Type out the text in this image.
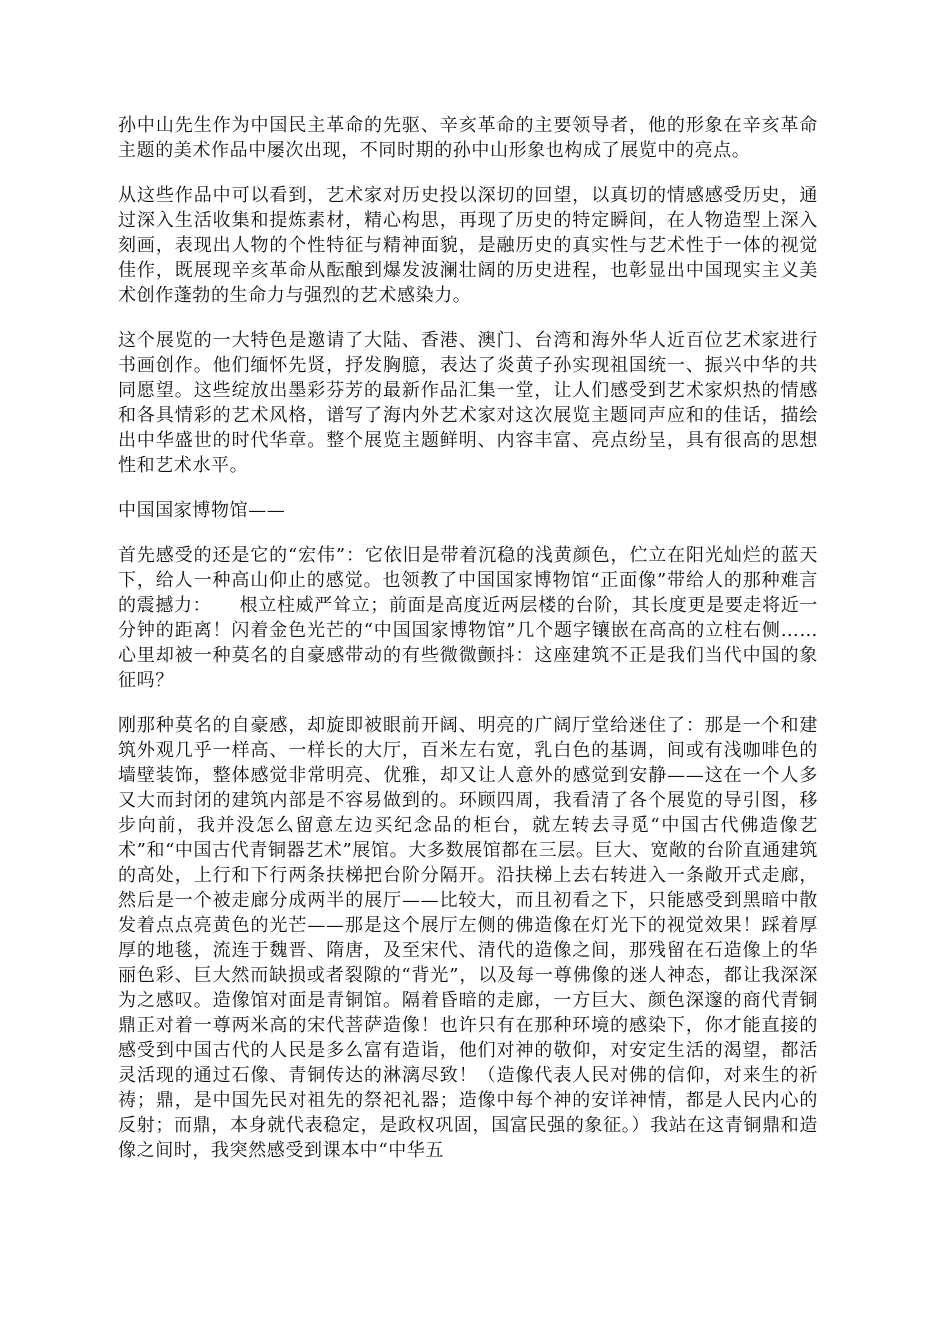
孙中山先生作为中国民主革命的先驱、辛亥革命的主要领导者，他的形象在辛亥革命主题的美术作品中屡次出现，不同时期的孙中山形象也构成了展览中的亮点。

从这些作品中可以看到，艺术家对历史投以深切的回望，以真切的情感感受历史，通过深入生活收集和提炼素材，精心构思，再现了历史的特定瞬间，在人物造型上深入刻画，表现出人物的个性特征与精神面貌，是融历史的真实性与艺术性于一体的视觉佳作，既展现辛亥革命从酝酿到爆发波澜壮阔的历史进程，也彰显出中国现实主义美术创作蓬勃的生命力与强烈的艺术感染力。

这个展览的一大特色是邀请了大陆、香港、澳门、台湾和海外华人近百位艺术家进行书画创作。他们缅怀先贤，抒发胸臆，表达了炎黄子孙实现祖国统一、振兴中华的共同愿望。这些绽放出墨彩芬芳的最新作品汇集一堂，让人们感受到艺术家炽热的情感和各具情彩的艺术风格，谱写了海内外艺术家对这次展览主题同声应和的佳话，描绘出中华盛世的时代华章。整个展览主题鲜明、内容丰富、亮点纷呈，具有很高的思想性和艺术水平。

中国国家博物馆——

首先感受的还是它的“宏伟”：它依旧是带着沉稳的浅黄颜色，伫立在阳光灿烂的蓝天下，给人一种高山仰止的感觉。也领教了中国国家博物馆“正面像”带给人的那种难言的震撼力：　　根立柱威严耸立；前面是高度近两层楼的台阶，其长度更是要走将近一分钟的距离！闪着金色光芒的“中国国家博物馆”几个题字镶嵌在高高的立柱右侧……心里却被一种莫名的自豪感带动的有些微微颤抖：这座建筑不正是我们当代中国的象征吗？

刚那种莫名的自豪感，却旋即被眼前开阔、明亮的广阔厅堂给迷住了：那是一个和建筑外观几乎一样高、一样长的大厅，百米左右宽，乳白色的基调，间或有浅咖啡色的墙壁装饰，整体感觉非常明亮、优雅，却又让人意外的感觉到安静——这在一个人多又大而封闭的建筑内部是不容易做到的。环顾四周，我看清了各个展览的导引图，移步向前，我并没怎么留意左边买纪念品的柜台，就左转去寻觅“中国古代佛造像艺术”和“中国古代青铜器艺术”展馆。大多数展馆都在三层。巨大、宽敞的台阶直通建筑的高处，上行和下行两条扶梯把台阶分隔开。沿扶梯上去右转进入一条敞开式走廊，然后是一个被走廊分成两半的展厅——比较大，而且初看之下，只能感受到黑暗中散发着点点亮黄色的光芒——那是这个展厅左侧的佛造像在灯光下的视觉效果！踩着厚厚的地毯，流连于魏晋、隋唐，及至宋代、清代的造像之间，那残留在石造像上的华丽色彩、巨大然而缺损或者裂隙的“背光”，以及每一尊佛像的迷人神态，都让我深深为之感叹。造像馆对面是青铜馆。隔着昏暗的走廊，一方巨大、颜色深邃的商代青铜鼎正对着一尊两米高的宋代菩萨造像！也许只有在那种环境的感染下，你才能直接的感受到中国古代的人民是多么富有造诣，他们对神的敬仰，对安定生活的渴望，都活灵活现的通过石像、青铜传达的淋漓尽致！（造像代表人民对佛的信仰，对来生的祈祷；鼎，是中国先民对祖先的祭祀礼器；造像中每个神的安详神情，都是人民内心的反射；而鼎，本身就代表稳定，是政权巩固，国富民强的象征。）我站在这青铜鼎和造像之间时，我突然感受到课本中“中华五
